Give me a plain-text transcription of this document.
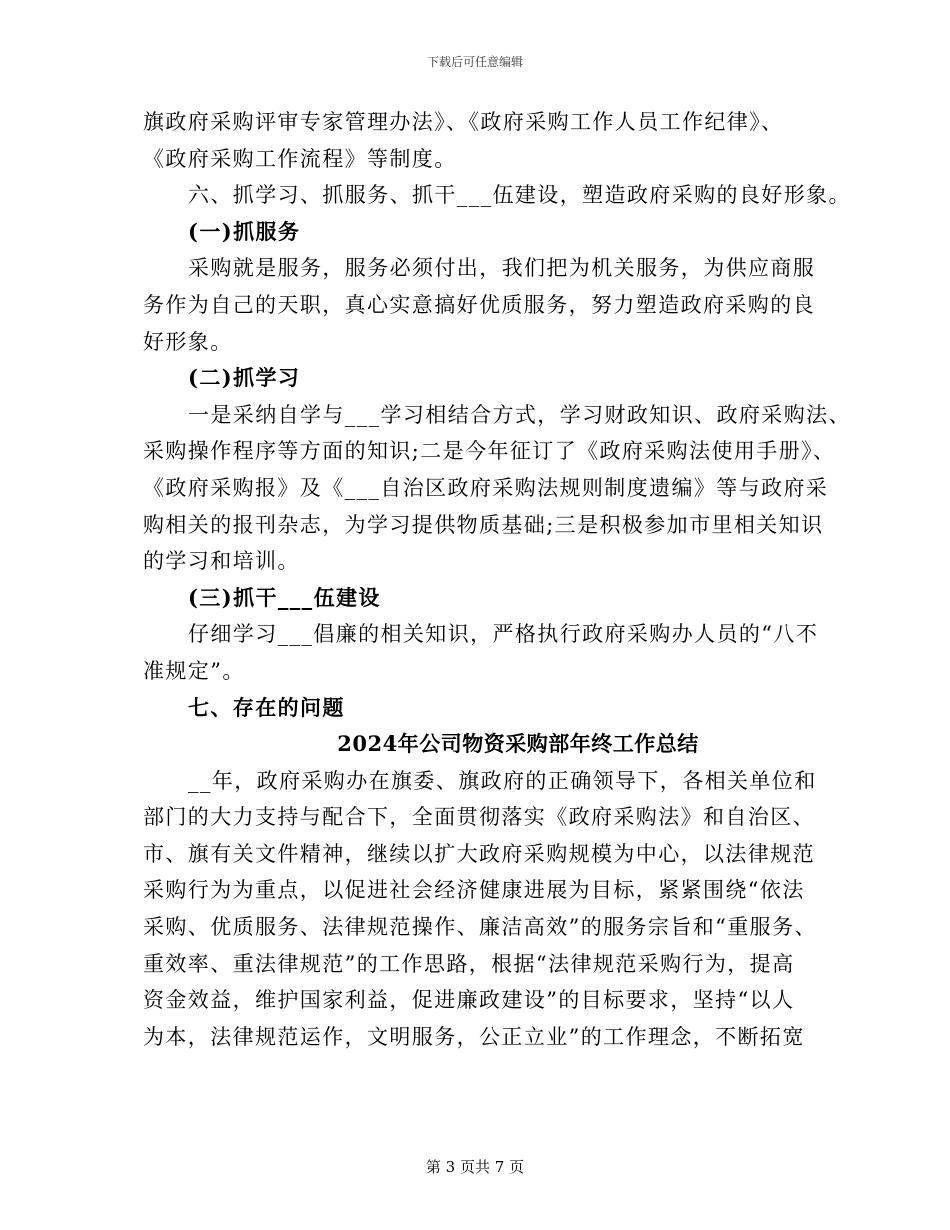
下载后可任意编辑
旗政府采购评审专家管理办法》、《政府采购工作人员工作纪律》、
《政府采购工作流程》等制度。
六、抓学习、抓服务、抓干___伍建设，塑造政府采购的良好形象。
(一)抓服务
采购就是服务，服务必须付出，我们把为机关服务，为供应商服
务作为自己的天职，真心实意搞好优质服务，努力塑造政府采购的良
好形象。
(二)抓学习
一是采纳自学与___学习相结合方式，学习财政知识、政府采购法、
采购操作程序等方面的知识;二是今年征订了《政府采购法使用手册》、
《政府采购报》及《___自治区政府采购法规则制度遗编》等与政府采
购相关的报刊杂志，为学习提供物质基础;三是积极参加市里相关知识
的学习和培训。
(三)抓干___伍建设
仔细学习___倡廉的相关知识，严格执行政府采购办人员的“八不
准规定”。
七、存在的问题
2024年公司物资采购部年终工作总结
__年，政府采购办在旗委、旗政府的正确领导下，各相关单位和
部门的大力支持与配合下，全面贯彻落实《政府采购法》和自治区、
市、旗有关文件精神，继续以扩大政府采购规模为中心，以法律规范
采购行为为重点，以促进社会经济健康进展为目标，紧紧围绕“依法
采购、优质服务、法律规范操作、廉洁高效”的服务宗旨和“重服务、
重效率、重法律规范”的工作思路，根据“法律规范采购行为，提高
资金效益，维护国家利益，促进廉政建设”的目标要求，坚持“以人
为本，法律规范运作，文明服务，公正立业”的工作理念，不断拓宽
第 3 页共 7 页
